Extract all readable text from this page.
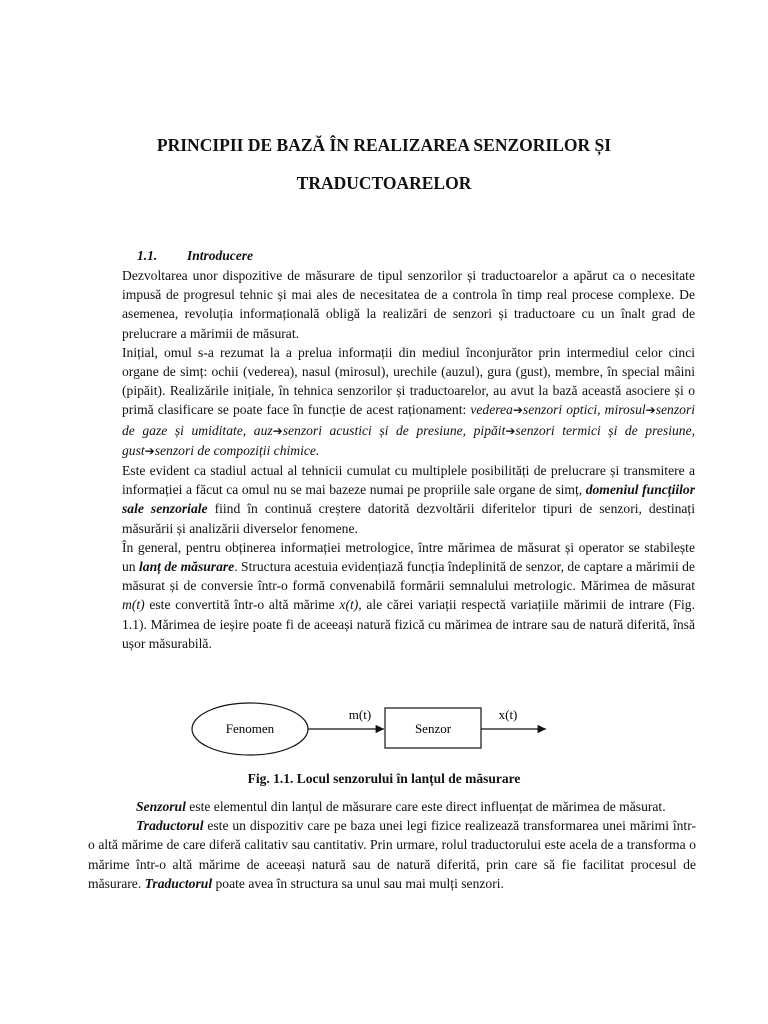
PRINCIPII DE BAZĂ ÎN REALIZAREA SENZORILOR ȘI
TRADUCTOARELOR
1.1. Introducere

Dezvoltarea unor dispozitive de măsurare de tipul senzorilor și traductoarelor a apărut ca o necesitate impusă de progresul tehnic și mai ales de necesitatea de a controla în timp real procese complexe. De asemenea, revoluția informațională obligă la realizări de senzori și traductoare cu un înalt grad de prelucrare a mărimii de măsurat.

Inițial, omul s-a rezumat la a prelua informații din mediul înconjurător prin intermediul celor cinci organe de simț: ochii (vederea), nasul (mirosul), urechile (auzul), gura (gust), membre, în special mâini (pipăit). Realizările inițiale, în tehnica senzorilor și traductoarelor, au avut la bază această asociere și o primă clasificare se poate face în funcție de acest raționament: vederea➔senzori optici, mirosul➔senzori de gaze și umiditate, auz➔senzori acustici și de presiune, pipăit➔senzori termici și de presiune, gust➔senzori de compoziții chimice.

Este evident ca stadiul actual al tehnicii cumulat cu multiplele posibilități de prelucrare și transmitere a informației a făcut ca omul nu se mai bazeze numai pe propriile sale organe de simț, domeniul funcțiilor sale senzoriale fiind în continuă creștere datorită dezvoltării diferitelor tipuri de senzori, destinați măsurării și analizării diverselor fenomene.

În general, pentru obținerea informației metrologice, între mărimea de măsurat și operator se stabilește un lanț de măsurare. Structura acestuia evidențiază funcția îndeplinită de senzor, de captare a mărimii de măsurat și de conversie într-o formă convenabilă formării semnalului metrologic. Mărimea de măsurat m(t) este convertită într-o altă mărime x(t), ale cărei variații respectă variațiile mărimii de intrare (Fig. 1.1). Mărimea de ieșire poate fi de aceeași natură fizică cu mărimea de intrare sau de natură diferită, însă ușor măsurabilă.

Fenomen
m(t)
Senzor
x(t)

Fig. 1.1. Locul senzorului în lanțul de măsurare

Senzorul este elementul din lanțul de măsurare care este direct influențat de mărimea de măsurat.

Traductorul este un dispozitiv care pe baza unei legi fizice realizează transformarea unei mărimi într-o altă mărime de care diferă calitativ sau cantitativ. Prin urmare, rolul traductorului este acela de a transforma o mărime într-o altă mărime de aceeași natură sau de natură diferită, prin care să fie facilitat procesul de măsurare. Traductorul poate avea în structura sa unul sau mai mulți senzori.
